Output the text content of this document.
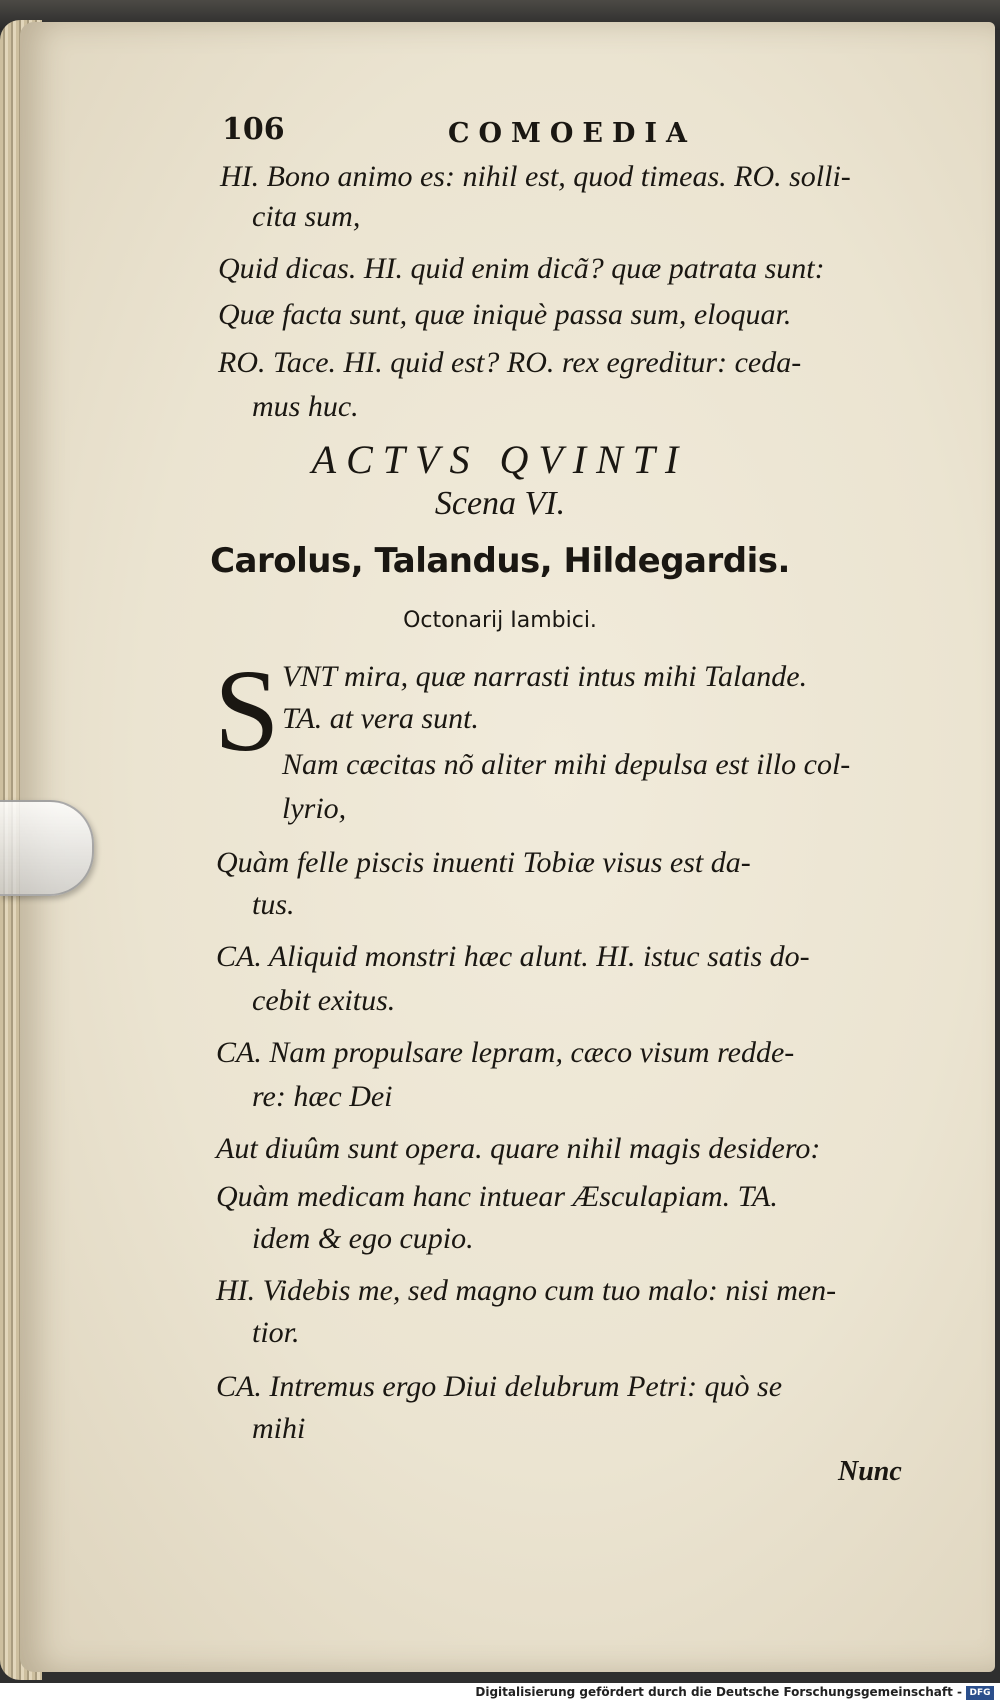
106	COMOEDIA
HI. Bono animo es: nihil est, quod timeas. RO. solli-
cita sum,
Quid dicas. HI. quid enim dicã? quæ patrata sunt:
Quæ facta sunt, quæ iniquè passa sum, eloquar.
RO. Tace. HI. quid est? RO. rex egreditur: ceda-
mus huc.
ACTVS QVINTI
Scena VI.
Carolus, Talandus, Hildegardis.
Octonarij Iambici.
S VNT mira, quæ narrasti intus mihi Talande.
TA. at vera sunt.
Nam cæcitas nõ aliter mihi depulsa est illo col-
lyrio,
Quàm felle piscis inuenti Tobiæ visus est da-
tus.
CA. Aliquid monstri hæc alunt. HI. istuc satis do-
cebit exitus.
CA. Nam propulsare lepram, cæco visum redde-
re: hæc Dei
Aut diuûm sunt opera. quare nihil magis desidero:
Quàm medicam hanc intuear Æsculapiam. TA.
idem & ego cupio.
HI. Videbis me, sed magno cum tuo malo: nisi men-
tior.
CA. Intremus ergo Diui delubrum Petri: quò se
mihi
Nunc
Digitalisierung gefördert durch die Deutsche Forschungsgemeinschaft - DFG
